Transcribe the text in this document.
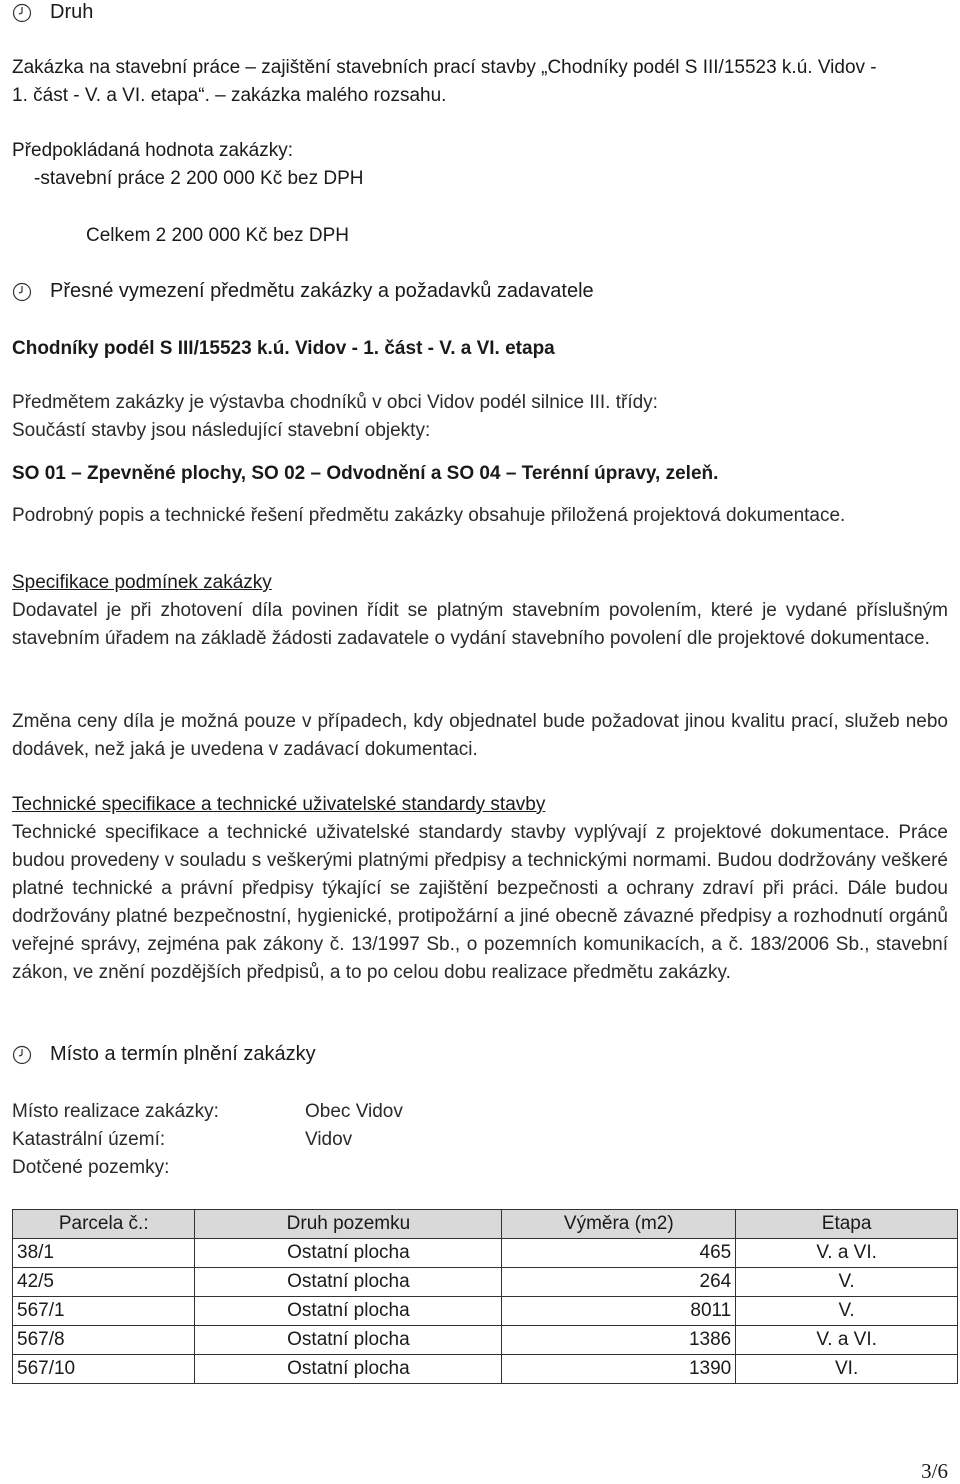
Druh
Zakázka na stavební práce – zajištění stavebních prací stavby „Chodníky podél S III/15523 k.ú. Vidov -
1. část - V. a VI. etapa“. – zakázka malého rozsahu.
Předpokládaná hodnota zakázky:
-stavební práce 2 200 000 Kč bez DPH
Celkem 2 200 000 Kč bez DPH
Přesné vymezení předmětu zakázky a požadavků zadavatele
Chodníky podél S III/15523 k.ú. Vidov - 1. část - V. a VI. etapa
Předmětem zakázky je výstavba chodníků v obci Vidov podél silnice III. třídy:
Součástí stavby jsou následující stavební objekty:
SO 01 – Zpevněné plochy, SO 02 – Odvodnění a SO 04 – Terénní úpravy, zeleň.
Podrobný popis a technické řešení předmětu zakázky obsahuje přiložená projektová dokumentace.
Specifikace podmínek zakázky
Dodavatel je při zhotovení díla povinen řídit se platným stavebním povolením, které je vydané příslušným stavebním úřadem na základě žádosti zadavatele o vydání stavebního povolení dle projektové dokumentace.
Změna ceny díla je možná pouze v případech, kdy objednatel bude požadovat jinou kvalitu prací, služeb nebo dodávek, než jaká je uvedena v zadávací dokumentaci.
Technické specifikace a technické uživatelské standardy stavby
Technické specifikace a technické uživatelské standardy stavby vyplývají z projektové dokumentace. Práce budou provedeny v souladu s veškerými platnými předpisy a technickými normami. Budou dodržovány veškeré platné technické a právní předpisy týkající se zajištění bezpečnosti a ochrany zdraví při práci. Dále budou dodržovány platné bezpečnostní, hygienické, protipožární a jiné obecně závazné předpisy a rozhodnutí orgánů veřejné správy, zejména pak zákony č. 13/1997 Sb., o pozemních komunikacích, a č. 183/2006 Sb., stavební zákon, ve znění pozdějších předpisů, a to po celou dobu realizace předmětu zakázky.
Místo a termín plnění zakázky
Místo realizace zakázky:	Obec Vidov
Katastrální území:	Vidov
Dotčené pozemky:
Parcela č.:	Druh pozemku	Výměra (m2)	Etapa
38/1	Ostatní plocha	465	V. a VI.
42/5	Ostatní plocha	264	V.
567/1	Ostatní plocha	8011	V.
567/8	Ostatní plocha	1386	V. a VI.
567/10	Ostatní plocha	1390	VI.
3/6
